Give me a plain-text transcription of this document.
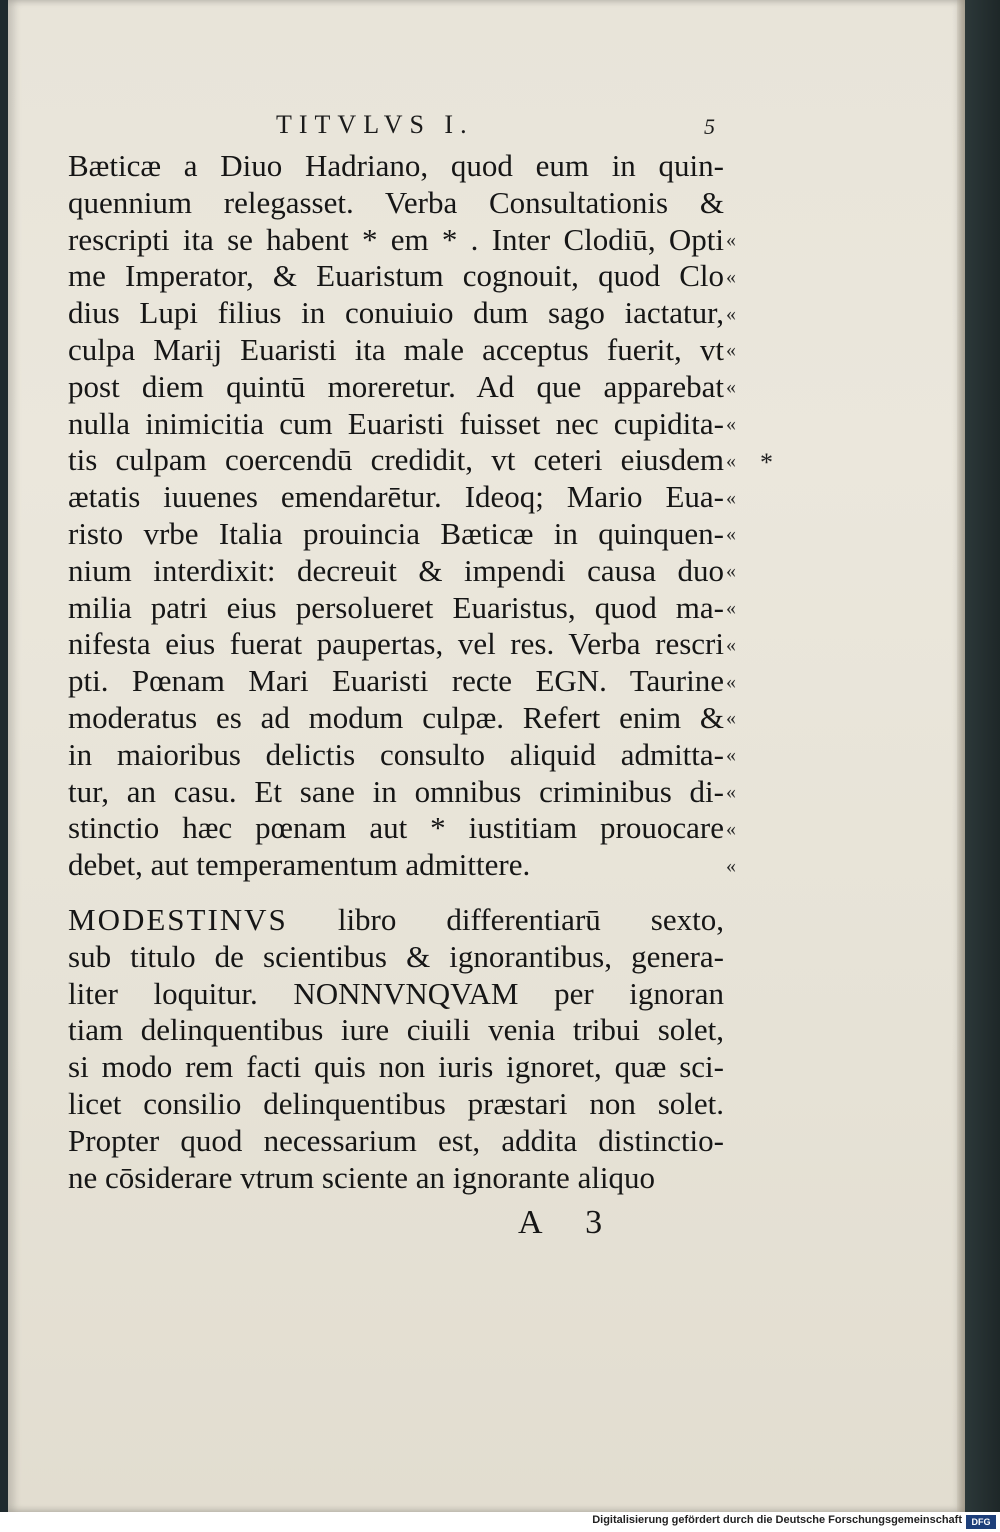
TITVLVS I.	5
Bæticæ a Diuo Hadriano, quod eum in quin-
quennium relegasset. Verba Consultationis &
rescripti ita se habent * em * . Inter Clodiū, Opti
me Imperator, & Euaristum cognouit, quod Clo
dius Lupi filius in conuiuio dum sago iactatur,
culpa Marij Euaristi ita male acceptus fuerit, vt
post diem quintū moreretur. Ad que apparebat
nulla inimicitia cum Euaristi fuisset nec cupidita-
tis culpam coercendū credidit, vt ceteri eiusdem
ætatis iuuenes emendarētur. Ideoq; Mario Eua-
risto vrbe Italia prouincia Bæticæ in quinquen-
nium interdixit: decreuit & impendi causa duo
milia patri eius persolueret Euaristus, quod ma-
nifesta eius fuerat paupertas, vel res. Verba rescri
pti. Pœnam Mari Euaristi recte EGN. Taurine
moderatus es ad modum culpæ. Refert enim &
in maioribus delictis consulto aliquid admitta-
tur, an casu. Et sane in omnibus criminibus di-
stinctio hæc pœnam aut * iustitiam prouocare
debet, aut temperamentum admittere.
MODESTINVS libro differentiarū sexto,
sub titulo de scientibus & ignorantibus, genera-
liter loquitur. NONNVNQVAM per ignoran
tiam delinquentibus iure ciuili venia tribui solet,
si modo rem facti quis non iuris ignoret, quæ sci-
licet consilio delinquentibus præstari non solet.
Propter quod necessarium est, addita distinctio-
ne cōsiderare vtrum sciente an ignorante aliquo
«
«
«
«
«
«
«
«
«
«
«
«
«
«
«
«
«
«
*
A 3
Digitalisierung gefördert durch die Deutsche Forschungsgemeinschaft	DFG
